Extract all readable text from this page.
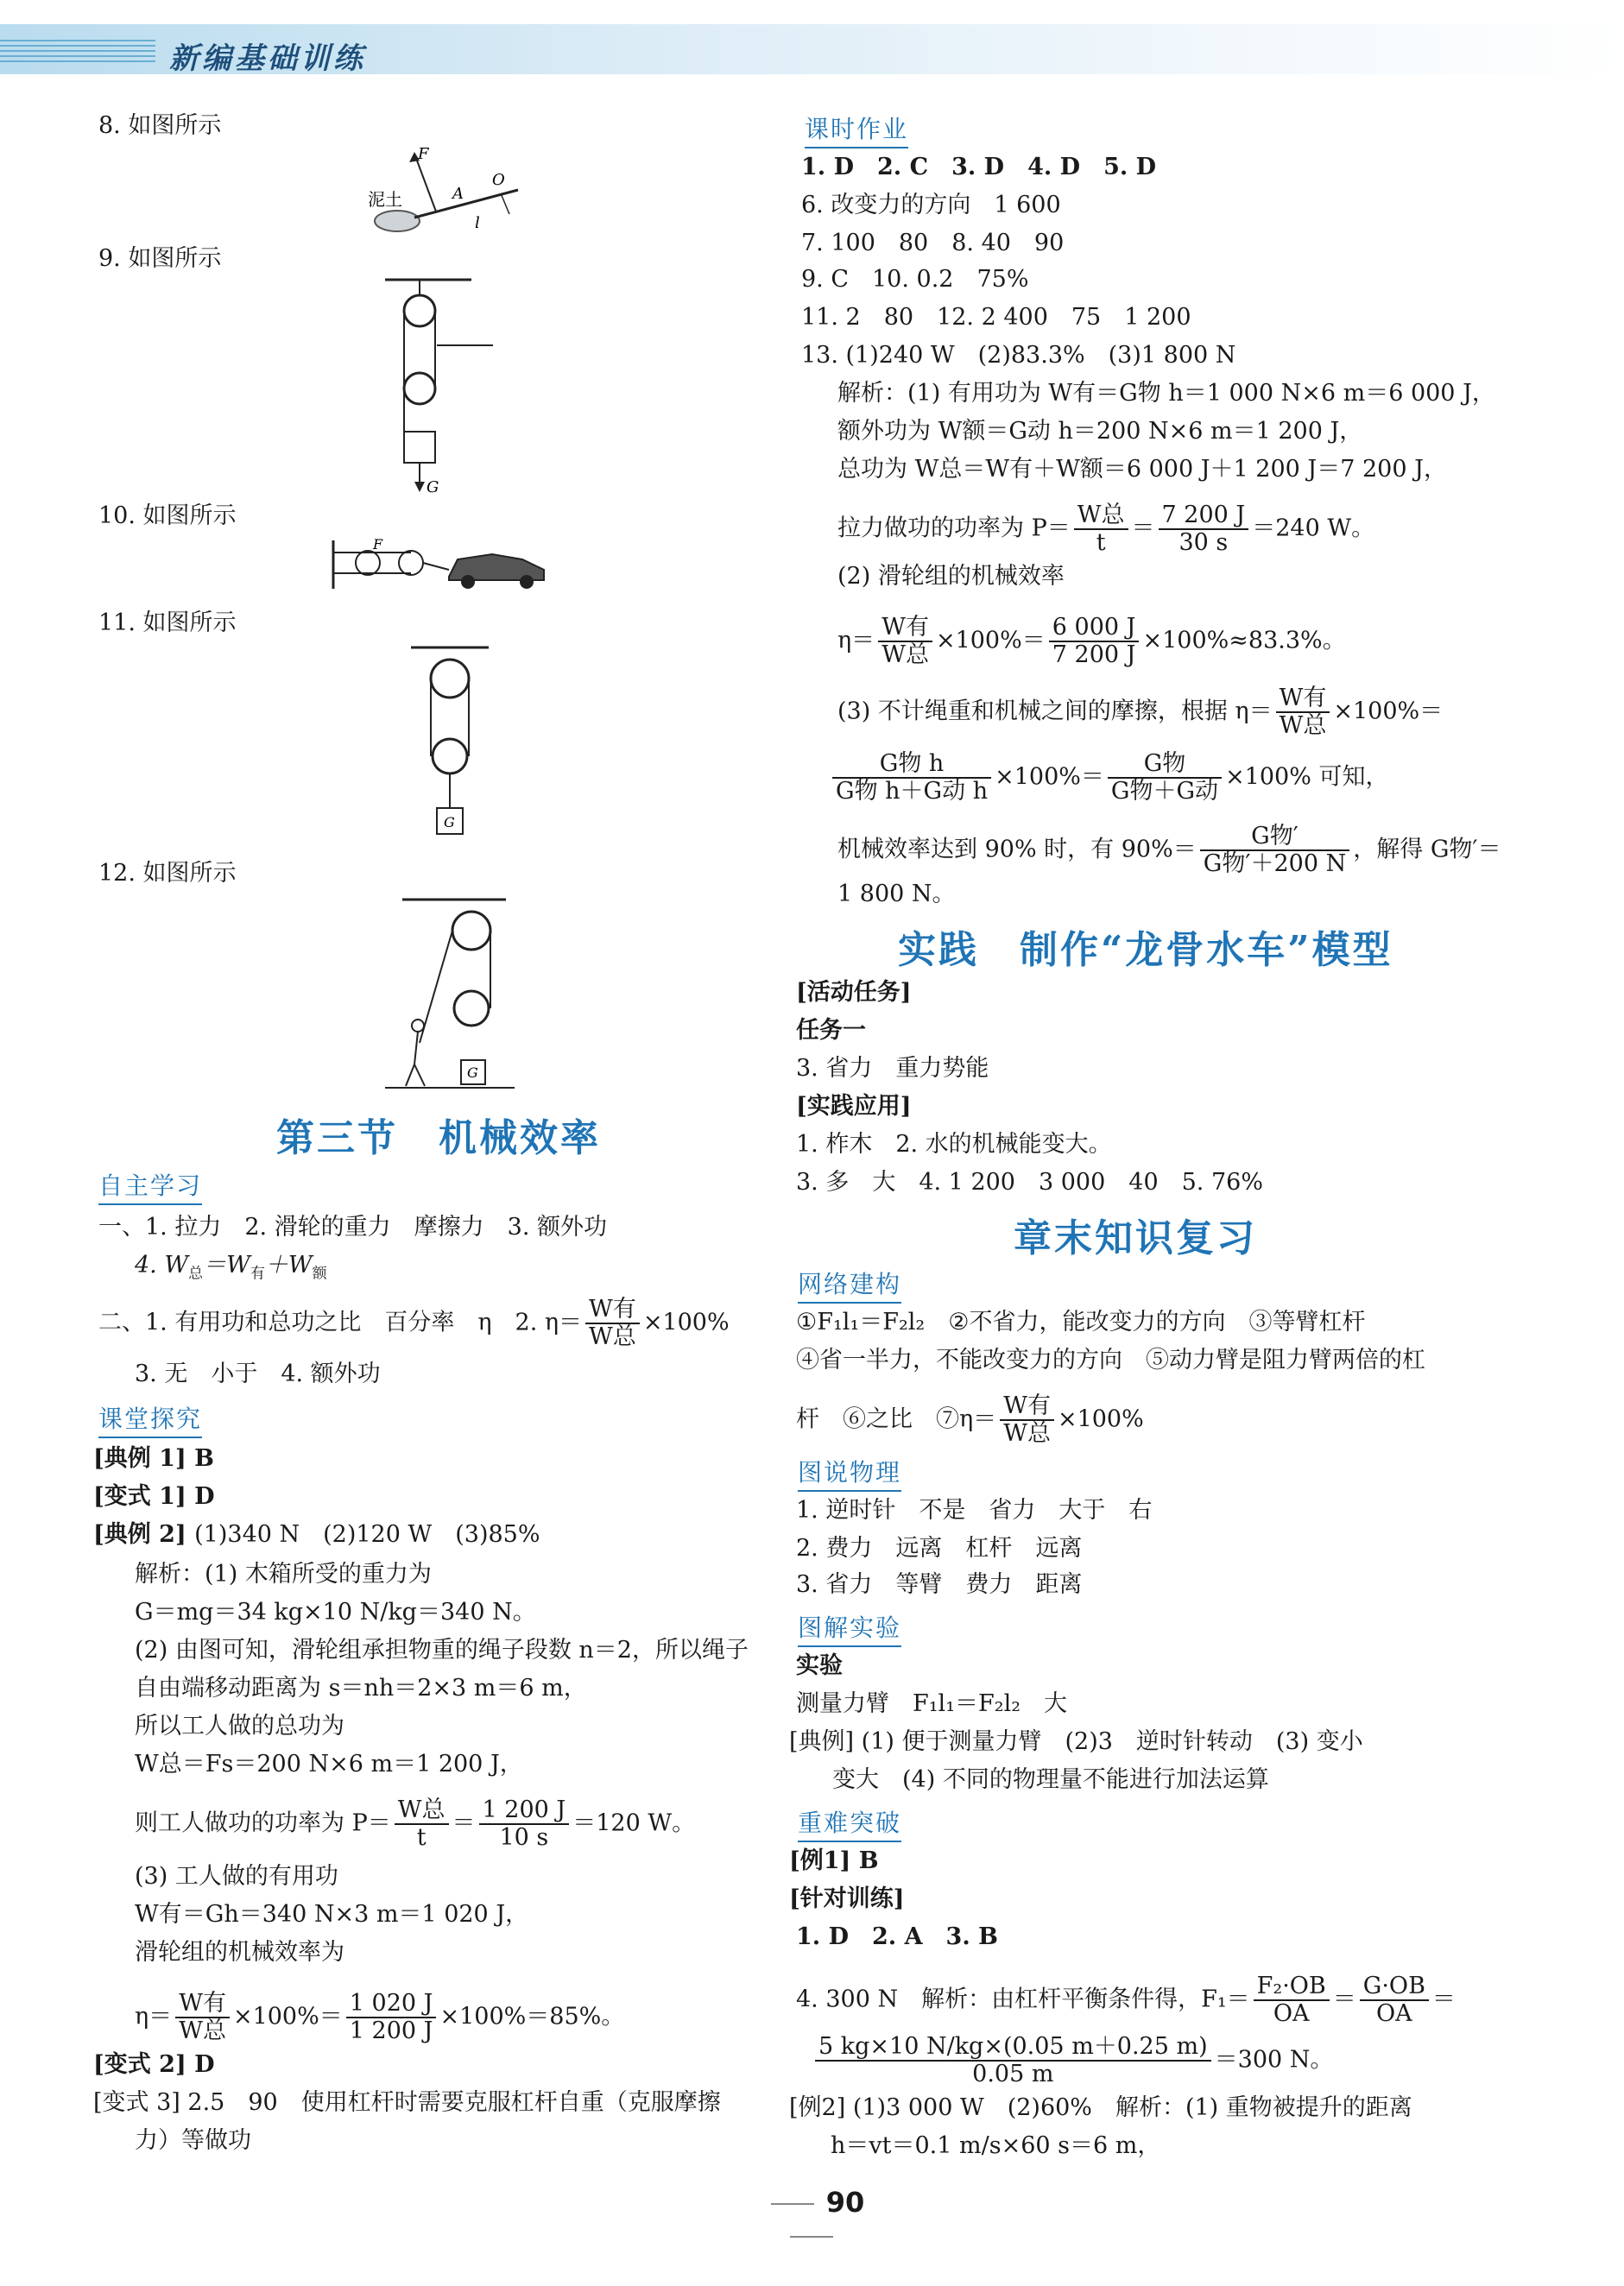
新编基础训练
8. 如图所示
F
A
O
l
泥土
9. 如图所示
G
10. 如图所示
F
11. 如图所示
G
12. 如图所示
G
第三节　机械效率
自主学习
一、1. 拉力　2. 滑轮的重力　摩擦力　3. 额外功
4. $W_总=W_有+W_额$
二、1. 有用功和总功之比　百分率　η　2. $\eta= \frac{\text{W有}}{\text{W总}} \times 100\%$
3. 无　小于　4. 额外功
课堂探究
[典例 1] B
[变式 1] D
[典例 2] (1)340 N　(2)120 W　(3)85%
解析：(1) 木箱所受的重力为
G＝mg＝34 kg×10 N/kg＝340 N。
(2) 由图可知，滑轮组承担物重的绳子段数 n＝2，所以绳子
自由端移动距离为 s＝nh＝2×3 m＝6 m，
所以工人做的总功为
W总＝Fs＝200 N×6 m＝1 200 J，
则工人做功的功率为 $P= \frac{\text{W总}}{t} = \frac{1 200 J}{10 s} =120$ W。
(3) 工人做的有用功
W有＝Gh＝340 N×3 m＝1 020 J，
滑轮组的机械效率为
$\eta= \frac{\text{W有}}{\text{W总}} \times 100\%= \frac{1 020 J}{1 200 J} \times 100\%=85\%$。
[变式 2] D
[变式 3] 2.5　90　使用杠杆时需要克服杠杆自重（克服摩擦
力）等做功
课时作业
1. D　2. C　3. D　4. D　5. D
6. 改变力的方向　1 600
7. 100　80　8. 40　90
9. C　10. 0.2　75%
11. 2　80　12. 2 400　75　1 200
13. (1)240 W　(2)83.3%　(3)1 800 N
解析：(1) 有用功为 W有＝G物 h＝1 000 N×6 m＝6 000 J，
额外功为 W额＝G动 h＝200 N×6 m＝1 200 J，
总功为 W总＝W有＋W额＝6 000 J＋1 200 J＝7 200 J，
拉力做功的功率为 $P= \frac{\text{W总}}{t} = \frac{7 200 J}{30 s} =240$ W。
(2) 滑轮组的机械效率
$\eta= \frac{\text{W有}}{\text{W总}} \times 100\%= \frac{6 000 J}{7 200 J} \times 100\%\approx 83.3\%$。
(3) 不计绳重和机械之间的摩擦，根据 $\eta= \frac{\text{W有}}{\text{W总}} \times 100\%=$
$\frac{\text{G物 h}}{\text{G物 h＋G动 h}} \times 100\%= \frac{\text{G物}}{\text{G物＋G动}} \times 100\%$ 可知，
机械效率达到 90% 时，有 $90\%= \frac{\text{G物′}}{\text{G物′＋200 N}}$ ，解得 G物′＝
1 800 N。
实践　制作“龙骨水车”模型
[活动任务]
任务一
3. 省力　重力势能
[实践应用]
1. 柞木　2. 水的机械能变大。
3. 多　大　4. 1 200　3 000　40　5. 76%
章末知识复习
网络建构
①F₁l₁＝F₂l₂　②不省力，能改变力的方向　③等臂杠杆
④省一半力，不能改变力的方向　⑤动力臂是阻力臂两倍的杠
杆　⑥之比　⑦η＝ $\frac{\text{W有}}{\text{W总}} \times 100\%$
图说物理
1. 逆时针　不是　省力　大于　右
2. 费力　远离　杠杆　远离
3. 省力　等臂　费力　距离
图解实验
实验
测量力臂　F₁l₁＝F₂l₂　大
[典例] (1) 便于测量力臂　(2)3　逆时针转动　(3) 变小
变大　(4) 不同的物理量不能进行加法运算
重难突破
[例1] B
[针对训练]
1. D　2. A　3. B
4. 300 N　解析：由杠杆平衡条件得，$F_1= \frac{\text{F₂·OB}}{OA} = \frac{G\cdot OB}{OA}$ ＝
$\frac{5 kg\times 10 N/kg\times(0.05 m+0.25 m)}{0.05 m} =300$ N。
[例2] (1)3 000 W　(2)60%　解析：(1) 重物被提升的距离
h＝vt＝0.1 m/s×60 s＝6 m，
90
